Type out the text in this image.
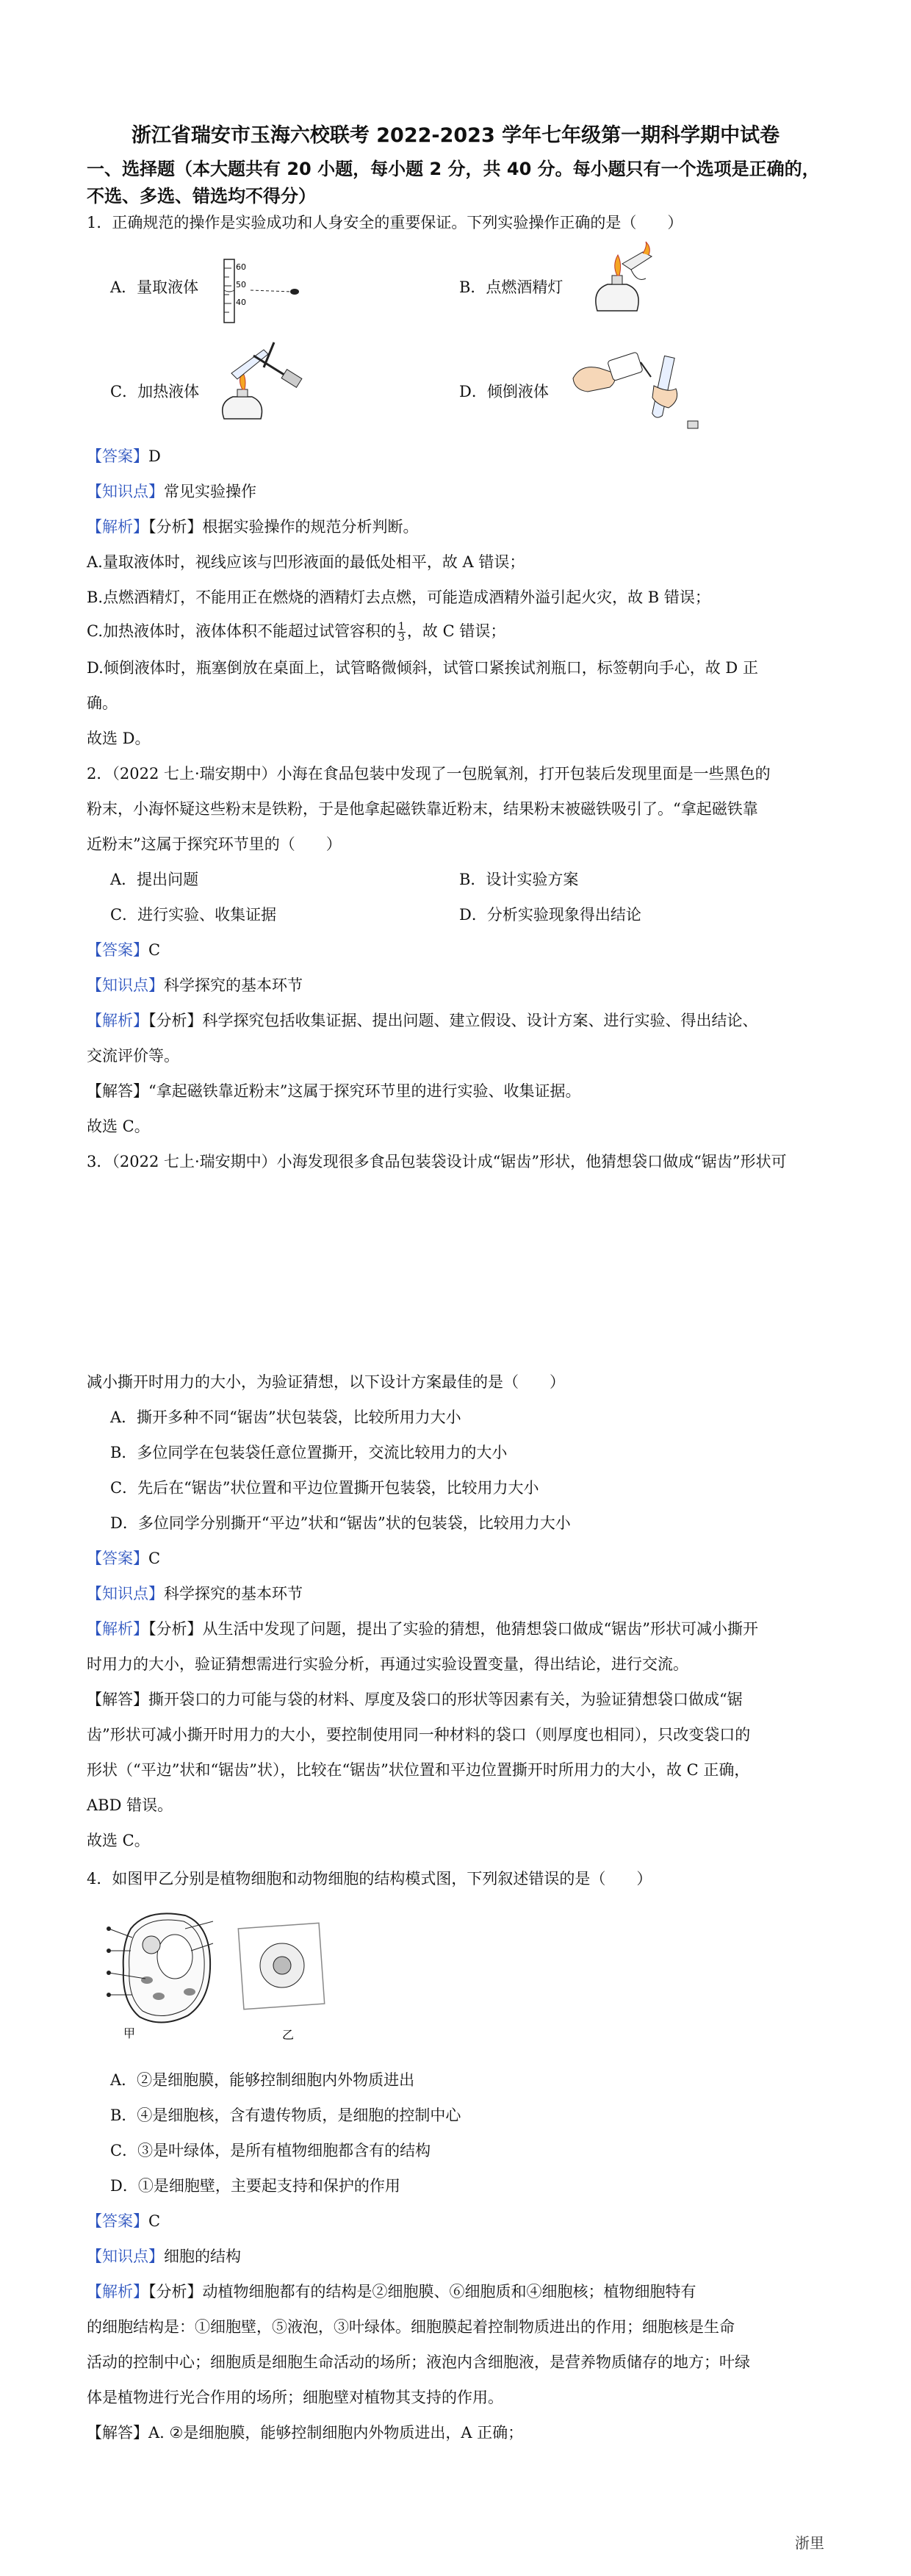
浙江省瑞安市玉海六校联考 2022-2023 学年七年级第一期科学期中试卷
一、选择题（本大题共有 20 小题，每小题 2 分，共 40 分。每小题只有一个选项是正确的，
不选、多选、错选均不得分）
1．正确规范的操作是实验成功和人身安全的重要保证。下列实验操作正确的是（　　）
A．量取液体
60
50
40
B．点燃酒精灯
C．加热液体	D．倾倒液体
【答案】D
【知识点】常见实验操作
【解析】【分析】根据实验操作的规范分析判断。
A.量取液体时，视线应该与凹形液面的最低处相平，故 A 错误；
B.点燃酒精灯，不能用正在燃烧的酒精灯去点燃，可能造成酒精外溢引起火灾，故 B 错误；
C.加热液体时，液体体积不能超过试管容积的 $\frac{1}{3}$ ，故 C 错误；
D.倾倒液体时，瓶塞倒放在桌面上，试管略微倾斜，试管口紧挨试剂瓶口，标签朝向手心，故 D 正
确。
故选 D。
2．（2022 七上·瑞安期中）小海在食品包装中发现了一包脱氧剂，打开包装后发现里面是一些黑色的
粉末，小海怀疑这些粉末是铁粉，于是他拿起磁铁靠近粉末，结果粉末被磁铁吸引了。“拿起磁铁靠
近粉末”这属于探究环节里的（　　）
A．提出问题	B．设计实验方案
C．进行实验、收集证据	D．分析实验现象得出结论
【答案】C
【知识点】科学探究的基本环节
【解析】【分析】科学探究包括收集证据、提出问题、建立假设、设计方案、进行实验、得出结论、
交流评价等。
【解答】“拿起磁铁靠近粉末”这属于探究环节里的进行实验、收集证据。
故选 C。
3．（2022 七上·瑞安期中）小海发现很多食品包装袋设计成“锯齿”形状，他猜想袋口做成“锯齿”形状可
减小撕开时用力的大小，为验证猜想，以下设计方案最佳的是（　　）
A．撕开多种不同“锯齿”状包装袋，比较所用力大小
B．多位同学在包装袋任意位置撕开，交流比较用力的大小
C．先后在“锯齿”状位置和平边位置撕开包装袋，比较用力大小
D．多位同学分别撕开“平边”状和“锯齿”状的包装袋，比较用力大小
【答案】C
【知识点】科学探究的基本环节
【解析】【分析】从生活中发现了问题，提出了实验的猜想，他猜想袋口做成“锯齿”形状可减小撕开
时用力的大小，验证猜想需进行实验分析，再通过实验设置变量，得出结论，进行交流。
【解答】撕开袋口的力可能与袋的材料、厚度及袋口的形状等因素有关，为验证猜想袋口做成“锯
齿”形状可减小撕开时用力的大小，要控制使用同一种材料的袋口（则厚度也相同），只改变袋口的
形状（“平边”状和“锯齿”状），比较在“锯齿”状位置和平边位置撕开时所用力的大小，故 C 正确，
ABD 错误。
故选 C。
4．如图甲乙分别是植物细胞和动物细胞的结构模式图，下列叙述错误的是（　　）
甲	乙
A．②是细胞膜，能够控制细胞内外物质进出
B．④是细胞核，含有遗传物质，是细胞的控制中心
C．③是叶绿体，是所有植物细胞都含有的结构
D．①是细胞壁，主要起支持和保护的作用
【答案】C
【知识点】细胞的结构
【解析】【分析】动植物细胞都有的结构是②细胞膜、⑥细胞质和④细胞核；植物细胞特有
的细胞结构是：①细胞壁，⑤液泡，③叶绿体。细胞膜起着控制物质进出的作用；细胞核是生命
活动的控制中心；细胞质是细胞生命活动的场所；液泡内含细胞液，是营养物质储存的地方；叶绿
体是植物进行光合作用的场所；细胞壁对植物其支持的作用。
【解答】A. ②是细胞膜，能够控制细胞内外物质进出，A 正确；
浙里
